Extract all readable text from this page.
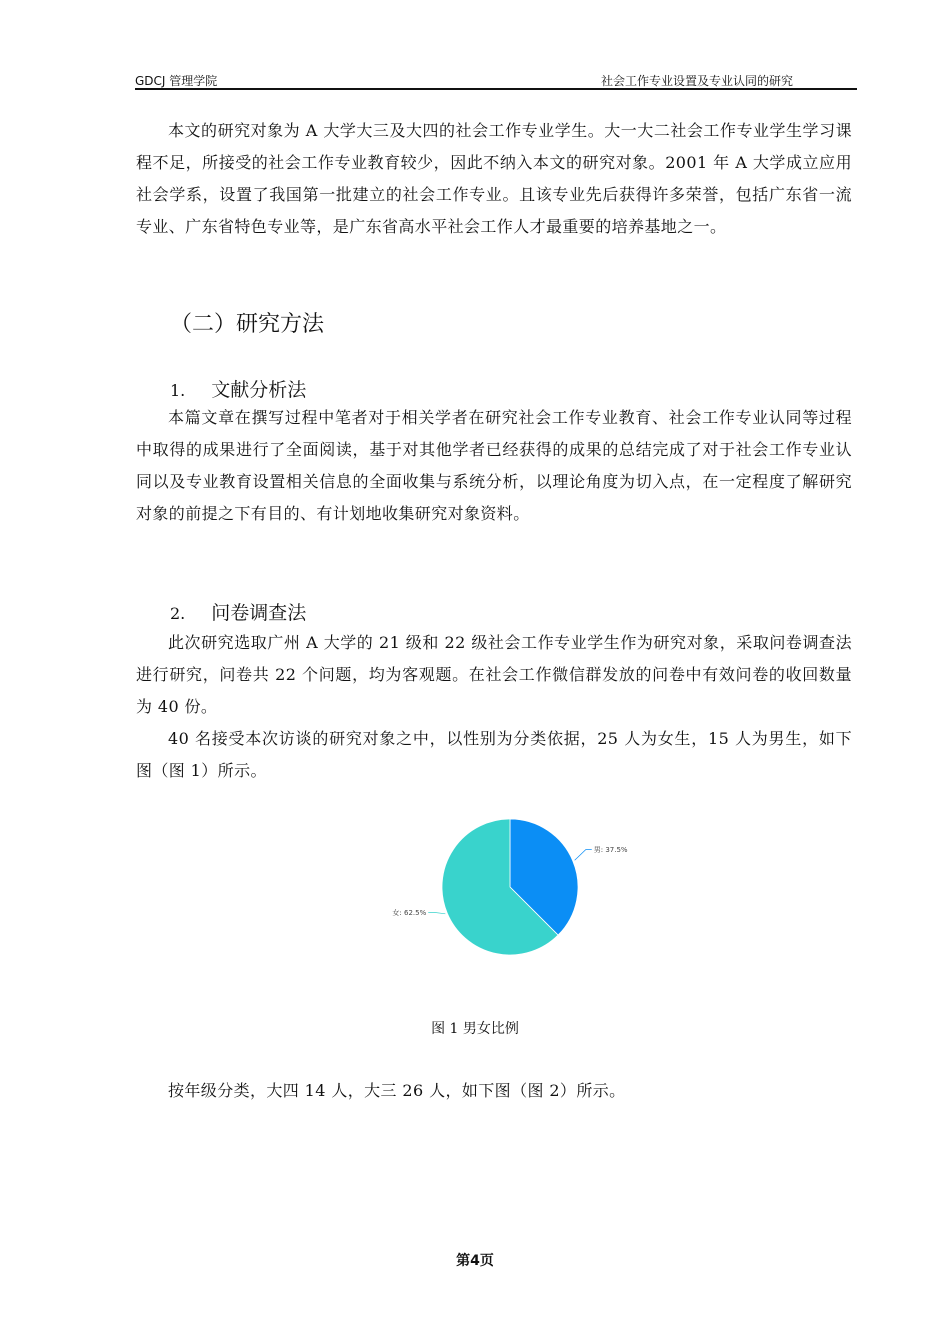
GDCJ 管理学院	社会工作专业设置及专业认同的研究

本文的研究对象为 A 大学大三及大四的社会工作专业学生。大一大二社会工作专业学生学习课程不足，所接受的社会工作专业教育较少，因此不纳入本文的研究对象。2001 年 A 大学成立应用社会学系，设置了我国第一批建立的社会工作专业。且该专业先后获得许多荣誉，包括广东省一流专业、广东省特色专业等，是广东省高水平社会工作人才最重要的培养基地之一。

（二）研究方法
1. 文献分析法

本篇文章在撰写过程中笔者对于相关学者在研究社会工作专业教育、社会工作专业认同等过程中取得的成果进行了全面阅读，基于对其他学者已经获得的成果的总结完成了对于社会工作专业认同以及专业教育设置相关信息的全面收集与系统分析，以理论角度为切入点，在一定程度了解研究对象的前提之下有目的、有计划地收集研究对象资料。

2. 问卷调查法

此次研究选取广州 A 大学的 21 级和 22 级社会工作专业学生作为研究对象，采取问卷调查法进行研究，问卷共 22 个问题，均为客观题。在社会工作微信群发放的问卷中有效问卷的收回数量为 40 份。

40 名接受本次访谈的研究对象之中，以性别为分类依据，25 人为女生，15 人为男生，如下图（图 1）所示。

男: 37.5%
女: 62.5%
图 1 男女比例

按年级分类，大四 14 人，大三 26 人，如下图（图 2）所示。

第4页
